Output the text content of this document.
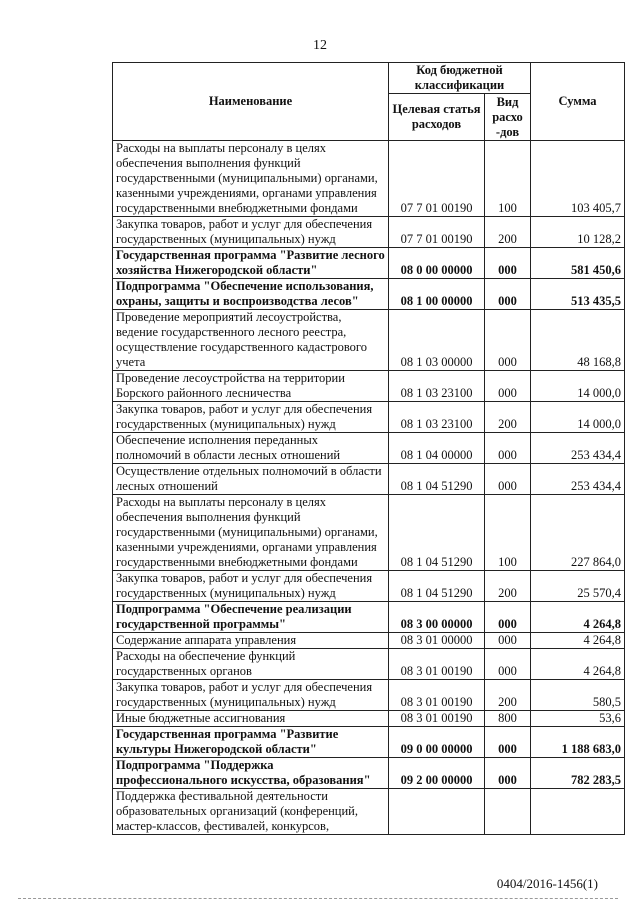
12
Наименование	Код бюджетной классификации		Сумма
	Целевая статья расходов	Вид расхо -дов	
Расходы на выплаты персоналу в целях обеспечения выполнения функций государственными (муниципальными) органами, казенными учреждениями, органами управления государственными внебюджетными фондами	07 7 01 00190	100	103 405,7
Закупка товаров, работ и услуг для обеспечения государственных (муниципальных) нужд	07 7 01 00190	200	10 128,2
Государственная программа "Развитие лесного хозяйства Нижегородской области"	08 0 00 00000	000	581 450,6
Подпрограмма "Обеспечение использования, охраны, защиты и воспроизводства лесов"	08 1 00 00000	000	513 435,5
Проведение мероприятий лесоустройства, ведение государственного лесного реестра, осуществление государственного кадастрового учета	08 1 03 00000	000	48 168,8
Проведение лесоустройства на территории Борского районного лесничества	08 1 03 23100	000	14 000,0
Закупка товаров, работ и услуг для обеспечения государственных (муниципальных) нужд	08 1 03 23100	200	14 000,0
Обеспечение исполнения переданных полномочий в области лесных отношений	08 1 04 00000	000	253 434,4
Осуществление отдельных полномочий в области лесных отношений	08 1 04 51290	000	253 434,4
Расходы на выплаты персоналу в целях обеспечения выполнения функций государственными (муниципальными) органами, казенными учреждениями, органами управления государственными внебюджетными фондами	08 1 04 51290	100	227 864,0
Закупка товаров, работ и услуг для обеспечения государственных (муниципальных) нужд	08 1 04 51290	200	25 570,4
Подпрограмма "Обеспечение реализации государственной программы"	08 3 00 00000	000	4 264,8
Содержание аппарата управления	08 3 01 00000	000	4 264,8
Расходы на обеспечение функций государственных органов	08 3 01 00190	000	4 264,8
Закупка товаров, работ и услуг для обеспечения государственных (муниципальных) нужд	08 3 01 00190	200	580,5
Иные бюджетные ассигнования	08 3 01 00190	800	53,6
Государственная программа "Развитие культуры Нижегородской области"	09 0 00 00000	000	1 188 683,0
Подпрограмма "Поддержка профессионального искусства, образования"	09 2 00 00000	000	782 283,5
Поддержка фестивальной деятельности образовательных организаций (конференций, мастер-классов, фестивалей, конкурсов,			
0404/2016-1456(1)
